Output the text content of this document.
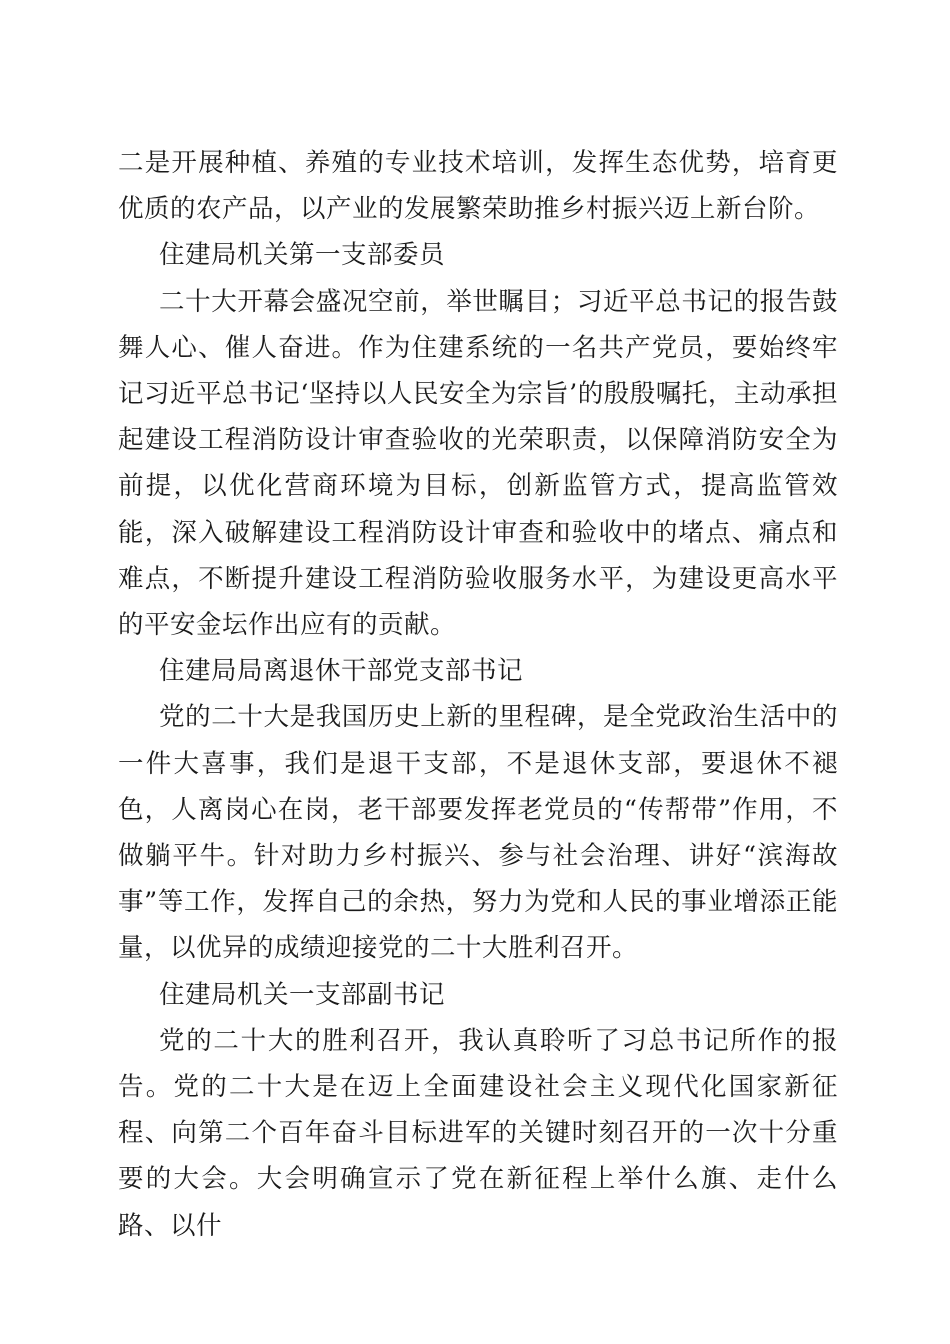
二是开展种植、养殖的专业技术培训，发挥生态优势，培育更优质的农产品，以产业的发展繁荣助推乡村振兴迈上新台阶。

住建局机关第一支部委员

二十大开幕会盛况空前，举世瞩目；习近平总书记的报告鼓舞人心、催人奋进。作为住建系统的一名共产党员，要始终牢记习近平总书记‘坚持以人民安全为宗旨’的殷殷嘱托，主动承担起建设工程消防设计审查验收的光荣职责，以保障消防安全为前提，以优化营商环境为目标，创新监管方式，提高监管效能，深入破解建设工程消防设计审查和验收中的堵点、痛点和难点，不断提升建设工程消防验收服务水平，为建设更高水平的平安金坛作出应有的贡献。

住建局局离退休干部党支部书记

党的二十大是我国历史上新的里程碑，是全党政治生活中的一件大喜事，我们是退干支部，不是退休支部，要退休不褪色，人离岗心在岗，老干部要发挥老党员的“传帮带”作用，不做躺平牛。针对助力乡村振兴、参与社会治理、讲好“滨海故事”等工作，发挥自己的余热，努力为党和人民的事业增添正能量，以优异的成绩迎接党的二十大胜利召开。

住建局机关一支部副书记

党的二十大的胜利召开，我认真聆听了习总书记所作的报告。党的二十大是在迈上全面建设社会主义现代化国家新征程、向第二个百年奋斗目标进军的关键时刻召开的一次十分重要的大会。大会明确宣示了党在新征程上举什么旗、走什么路、以什
